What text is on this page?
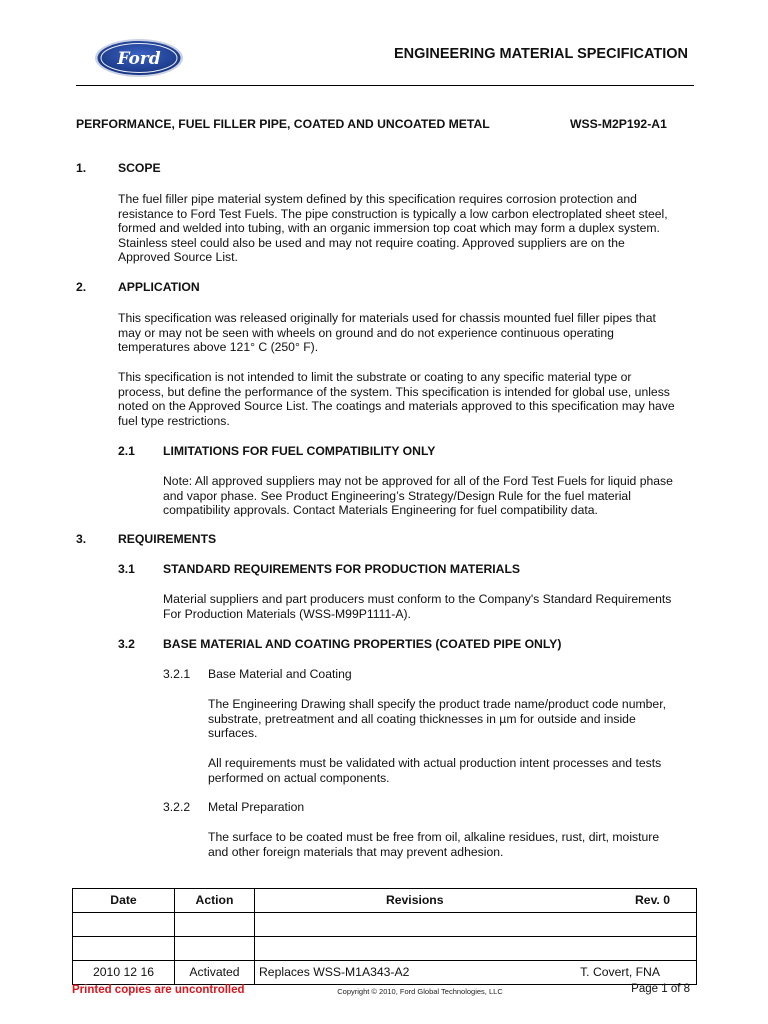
Ford	ENGINEERING MATERIAL SPECIFICATION
PERFORMANCE, FUEL FILLER PIPE, COATED AND UNCOATED METAL	WSS-M2P192-A1
1.	SCOPE
The fuel filler pipe material system defined by this specification requires corrosion protection and
resistance to Ford Test Fuels. The pipe construction is typically a low carbon electroplated sheet steel,
formed and welded into tubing, with an organic immersion top coat which may form a duplex system.
Stainless steel could also be used and may not require coating. Approved suppliers are on the
Approved Source List.
2.	APPLICATION
This specification was released originally for materials used for chassis mounted fuel filler pipes that
may or may not be seen with wheels on ground and do not experience continuous operating
temperatures above 121° C (250° F).
This specification is not intended to limit the substrate or coating to any specific material type or
process, but define the performance of the system. This specification is intended for global use, unless
noted on the Approved Source List. The coatings and materials approved to this specification may have
fuel type restrictions.
2.1 LIMITATIONS FOR FUEL COMPATIBILITY ONLY
Note: All approved suppliers may not be approved for all of the Ford Test Fuels for liquid phase
and vapor phase. See Product Engineering’s Strategy/Design Rule for the fuel material
compatibility approvals. Contact Materials Engineering for fuel compatibility data.
3.	REQUIREMENTS
3.1 STANDARD REQUIREMENTS FOR PRODUCTION MATERIALS
Material suppliers and part producers must conform to the Company's Standard Requirements
For Production Materials (WSS-M99P1111-A).
3.2 BASE MATERIAL AND COATING PROPERTIES (COATED PIPE ONLY)
3.2.1 Base Material and Coating
The Engineering Drawing shall specify the product trade name/product code number,
substrate, pretreatment and all coating thicknesses in µm for outside and inside
surfaces.
All requirements must be validated with actual production intent processes and tests
performed on actual components.
3.2.2 Metal Preparation
The surface to be coated must be free from oil, alkaline residues, rust, dirt, moisture
and other foreign materials that may prevent adhesion.
Date	Action	Revisions	Rev. 0

2010 12 16	Activated	Replaces WSS-M1A343-A2	T. Covert, FNA
Printed copies are uncontrolled	Copyright © 2010, Ford Global Technologies, LLC	Page 1 of 8
